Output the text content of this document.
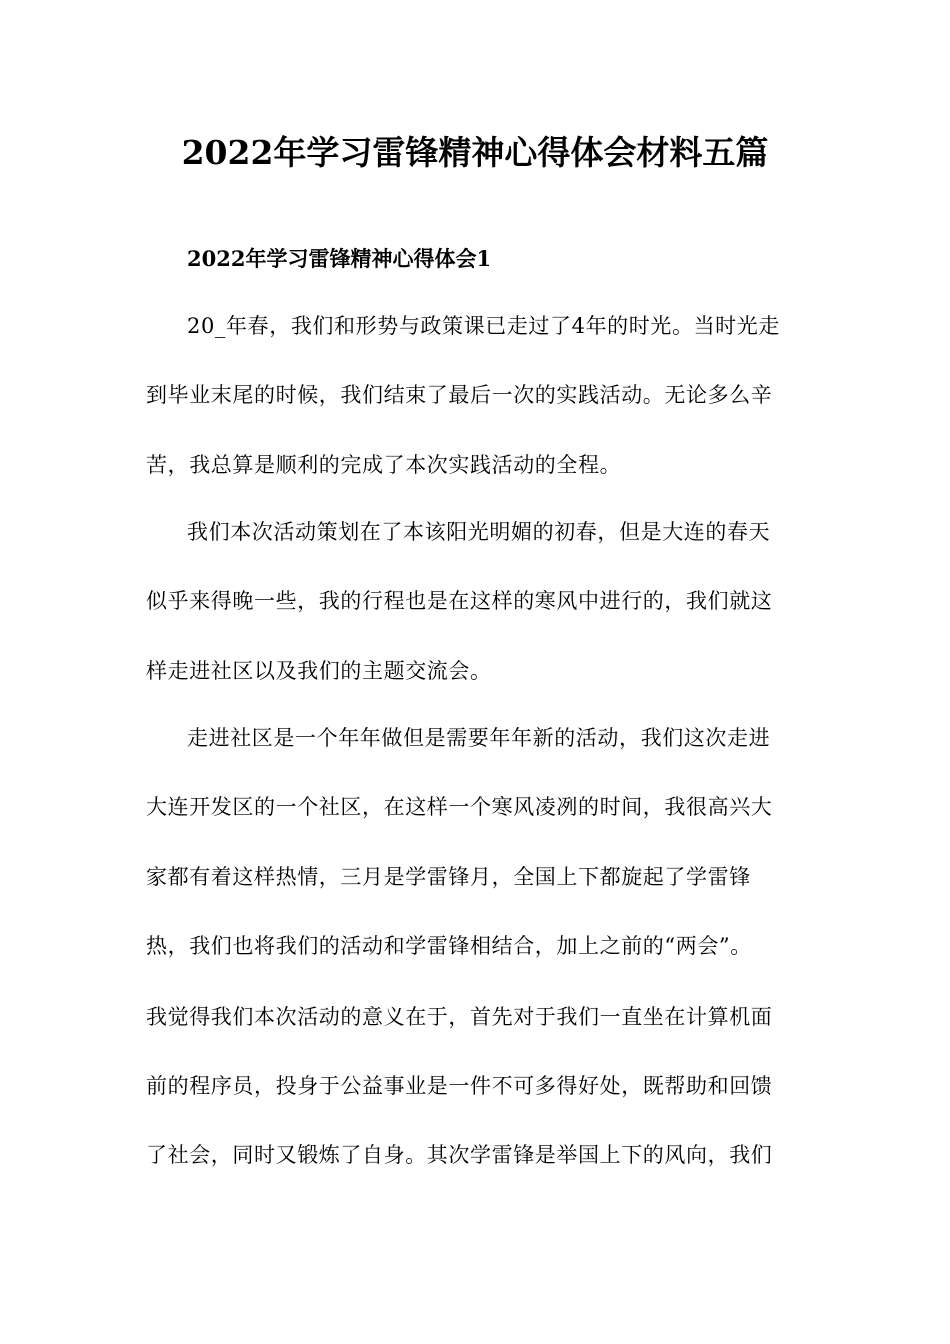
2022年学习雷锋精神心得体会材料五篇
2022年学习雷锋精神心得体会1

20_年春，我们和形势与政策课已走过了4年的时光。当时光走

到毕业末尾的时候，我们结束了最后一次的实践活动。无论多么辛

苦，我总算是顺利的完成了本次实践活动的全程。

我们本次活动策划在了本该阳光明媚的初春，但是大连的春天

似乎来得晚一些，我的行程也是在这样的寒风中进行的，我们就这

样走进社区以及我们的主题交流会。

走进社区是一个年年做但是需要年年新的活动，我们这次走进

大连开发区的一个社区，在这样一个寒风凌冽的时间，我很高兴大

家都有着这样热情，三月是学雷锋月，全国上下都旋起了学雷锋

热，我们也将我们的活动和学雷锋相结合，加上之前的“两会”。

我觉得我们本次活动的意义在于，首先对于我们一直坐在计算机面

前的程序员，投身于公益事业是一件不可多得好处，既帮助和回馈

了社会，同时又锻炼了自身。其次学雷锋是举国上下的风向，我们
